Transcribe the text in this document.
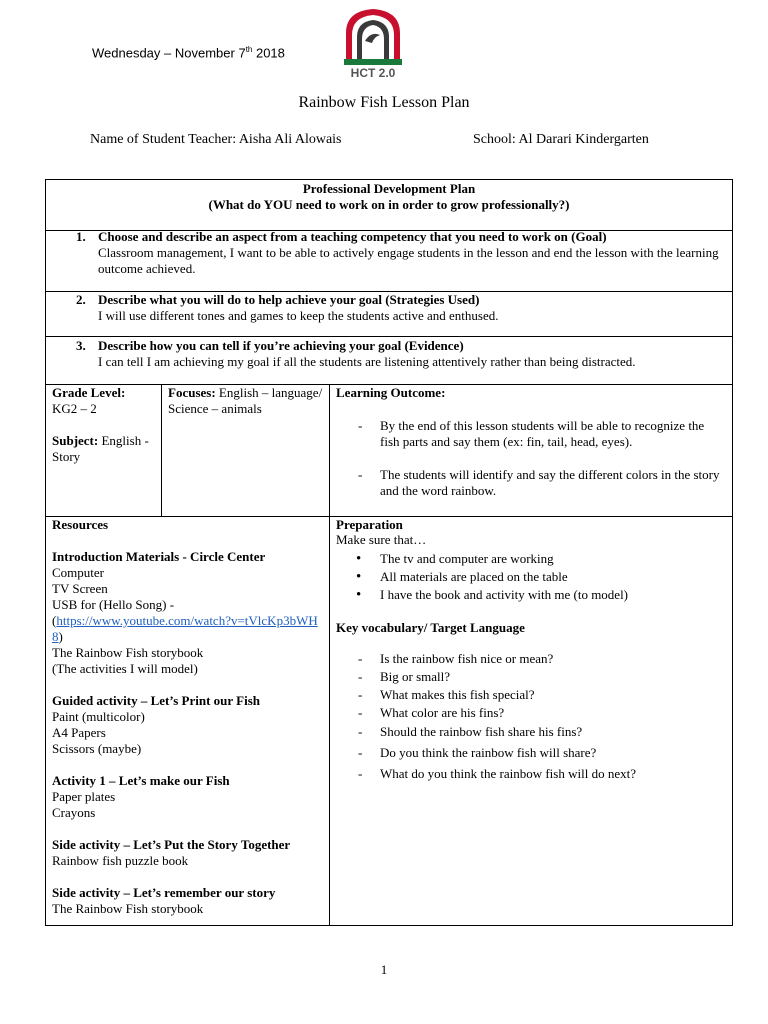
Wednesday – November 7th 2018
HCT 2.0
Rainbow Fish Lesson Plan
Name of Student Teacher: Aisha Ali Alowais	School: Al Darari Kindergarten
Professional Development Plan
(What do YOU need to work on in order to grow professionally?)
1. Choose and describe an aspect from a teaching competency that you need to work on (Goal)
Classroom management, I want to be able to actively engage students in the lesson and end the lesson with the learning outcome achieved.
2. Describe what you will do to help achieve your goal (Strategies Used)
I will use different tones and games to keep the students active and enthused.
3. Describe how you can tell if you’re achieving your goal (Evidence)
I can tell I am achieving my goal if all the students are listening attentively rather than being distracted.
Grade Level:
KG2 – 2
Subject: English - Story
Focuses: English – language/ Science – animals
Learning Outcome:
- By the end of this lesson students will be able to recognize the fish parts and say them (ex: fin, tail, head, eyes).
- The students will identify and say the different colors in the story and the word rainbow.
Resources
Introduction Materials - Circle Center
Computer
TV Screen
USB for (Hello Song) -
(https://www.youtube.com/watch?v=tVlcKp3bWH8)
The Rainbow Fish storybook
(The activities I will model)
Guided activity – Let’s Print our Fish
Paint (multicolor)
A4 Papers
Scissors (maybe)
Activity 1 – Let’s make our Fish
Paper plates
Crayons
Side activity – Let’s Put the Story Together
Rainbow fish puzzle book
Side activity – Let’s remember our story
The Rainbow Fish storybook
Preparation
Make sure that…
• The tv and computer are working
• All materials are placed on the table
• I have the book and activity with me (to model)
Key vocabulary/ Target Language
- Is the rainbow fish nice or mean?
- Big or small?
- What makes this fish special?
- What color are his fins?
- Should the rainbow fish share his fins?
- Do you think the rainbow fish will share?
- What do you think the rainbow fish will do next?
1
